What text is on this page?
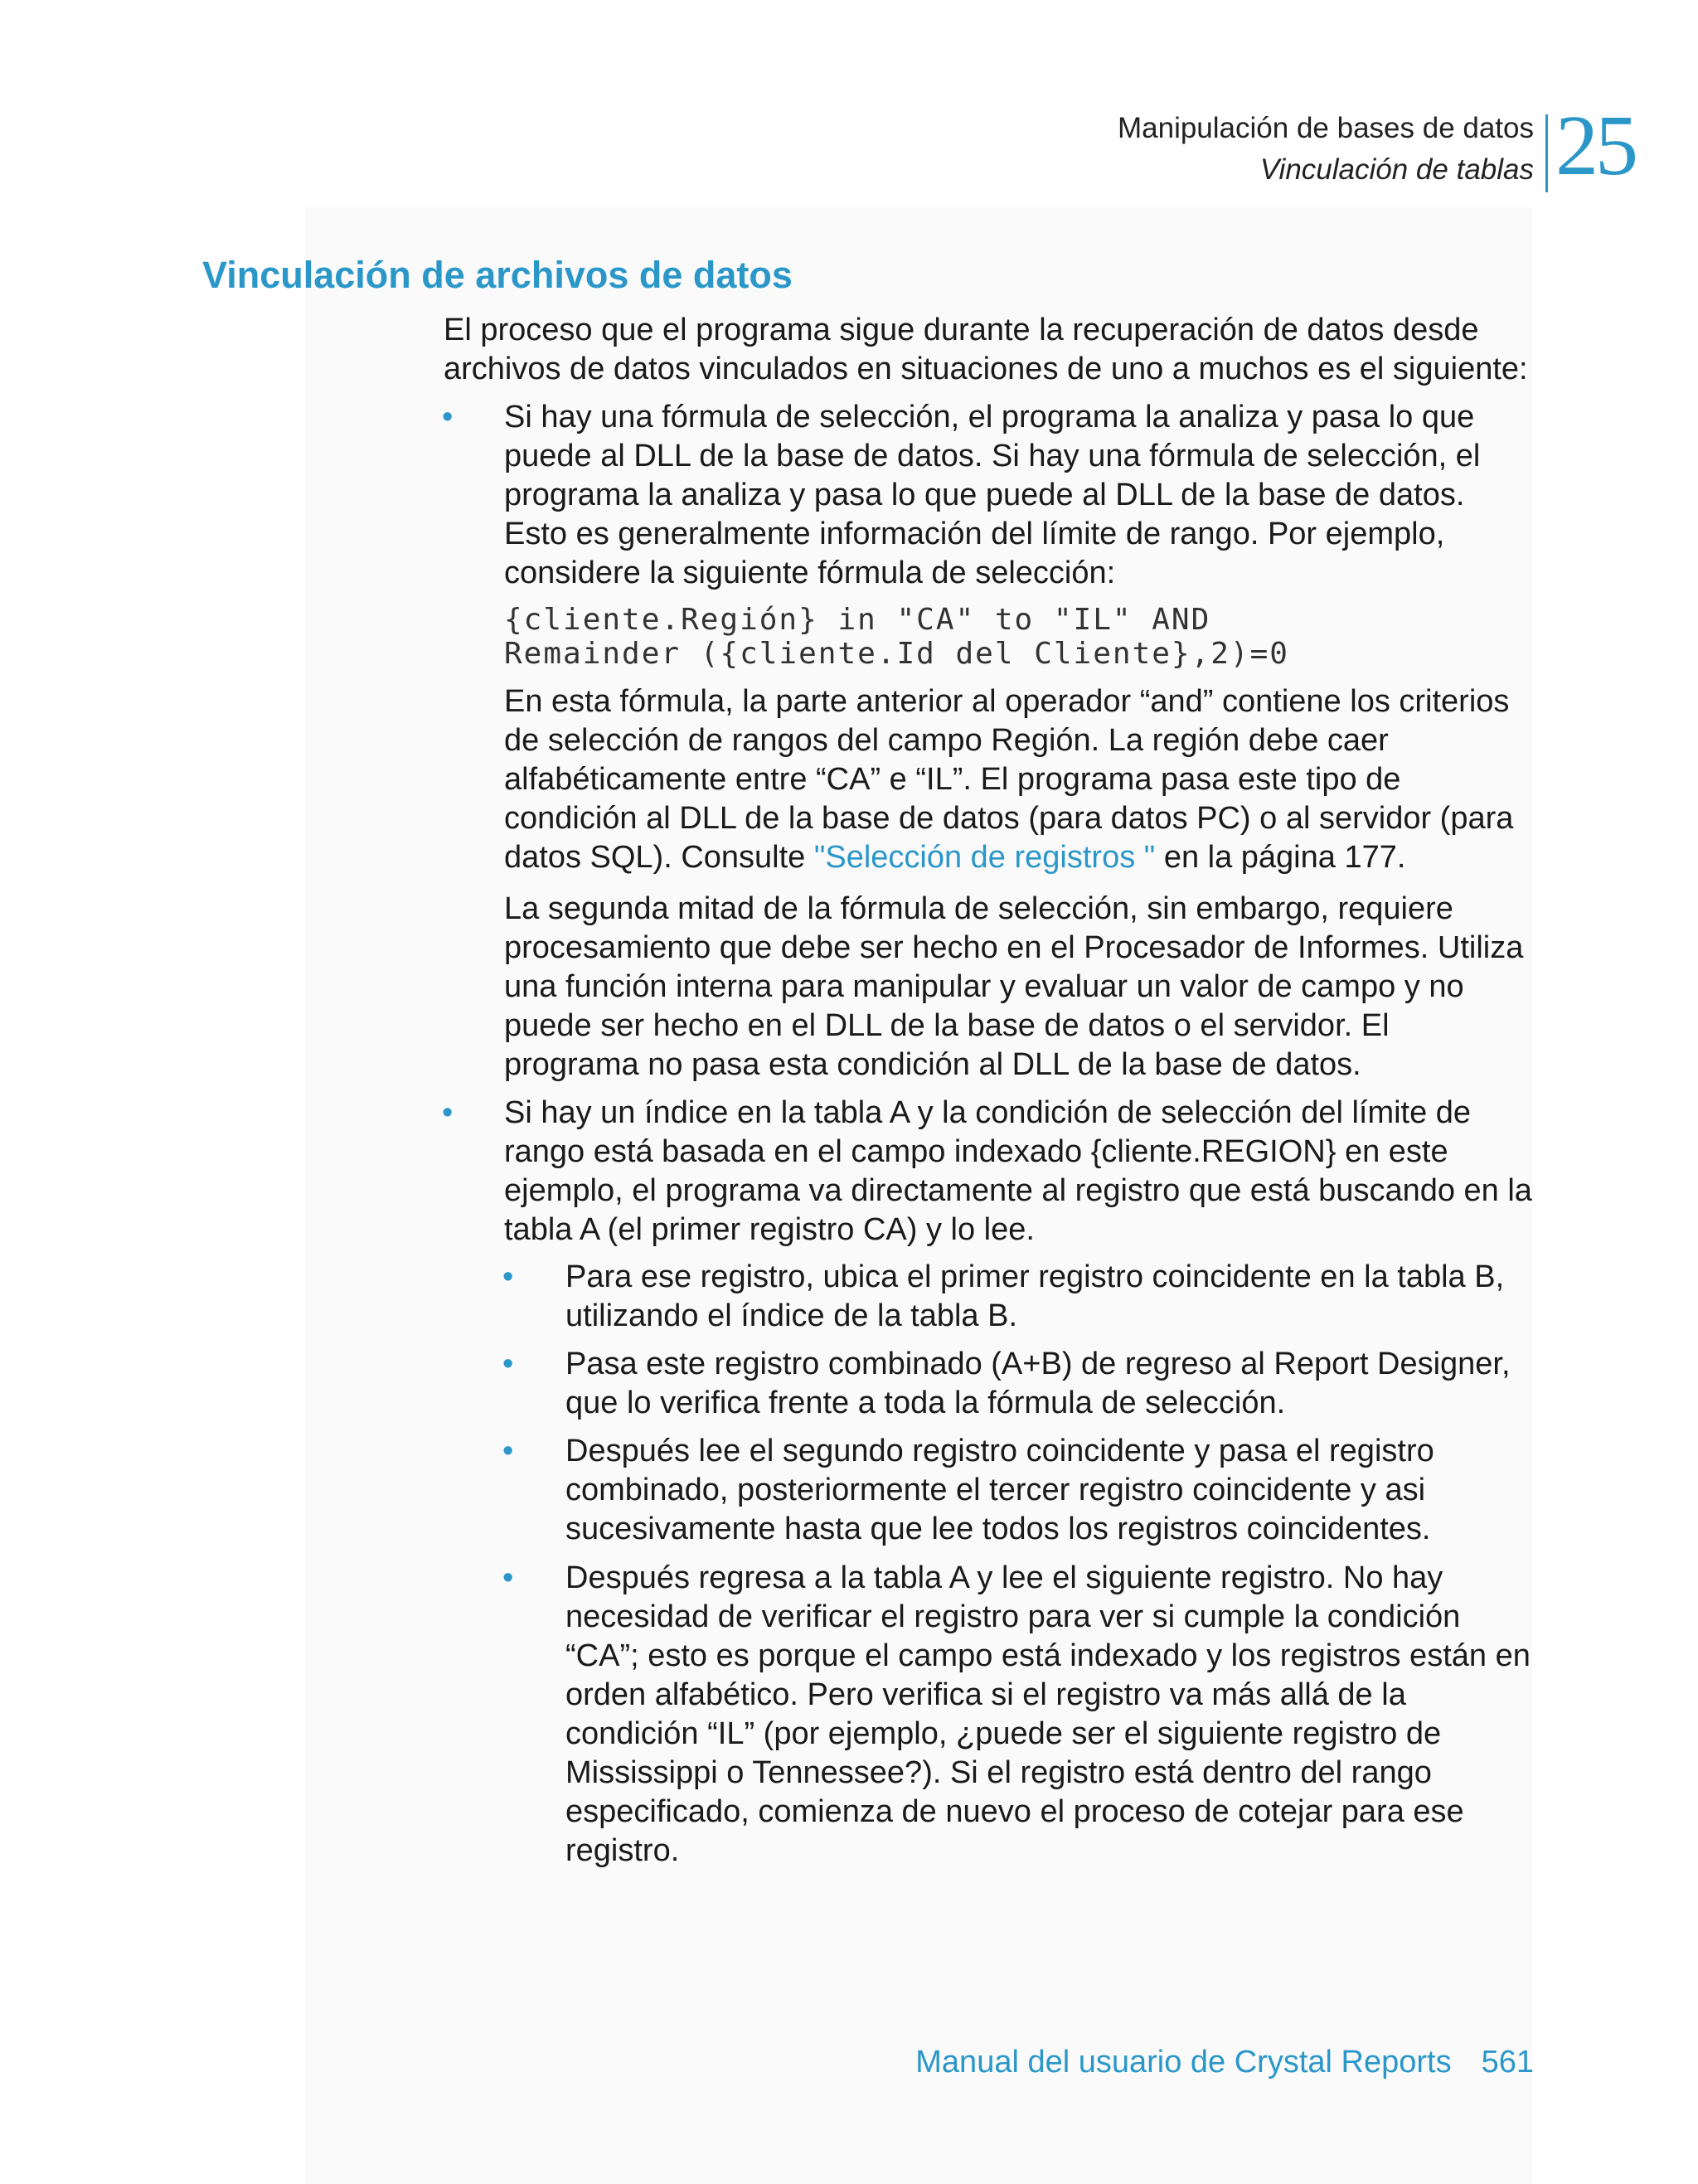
Manipulación de bases de datos
Vinculación de tablas 25
Vinculación de archivos de datos

El proceso que el programa sigue durante la recuperación de datos desde archivos de datos vinculados en situaciones de uno a muchos es el siguiente:

• Si hay una fórmula de selección, el programa la analiza y pasa lo que puede al DLL de la base de datos. Si hay una fórmula de selección, el programa la analiza y pasa lo que puede al DLL de la base de datos. Esto es generalmente información del límite de rango. Por ejemplo, considere la siguiente fórmula de selección:

{cliente.Región} in "CA" to "IL" AND
Remainder ({cliente.Id del Cliente},2)=0

En esta fórmula, la parte anterior al operador “and” contiene los criterios de selección de rangos del campo Región. La región debe caer alfabéticamente entre “CA” e “IL”. El programa pasa este tipo de condición al DLL de la base de datos (para datos PC) o al servidor (para datos SQL). Consulte "Selección de registros " en la página 177.

La segunda mitad de la fórmula de selección, sin embargo, requiere procesamiento que debe ser hecho en el Procesador de Informes. Utiliza una función interna para manipular y evaluar un valor de campo y no puede ser hecho en el DLL de la base de datos o el servidor. El programa no pasa esta condición al DLL de la base de datos.

• Si hay un índice en la tabla A y la condición de selección del límite de rango está basada en el campo indexado {cliente.REGION} en este ejemplo, el programa va directamente al registro que está buscando en la tabla A (el primer registro CA) y lo lee.

• Para ese registro, ubica el primer registro coincidente en la tabla B, utilizando el índice de la tabla B.

• Pasa este registro combinado (A+B) de regreso al Report Designer, que lo verifica frente a toda la fórmula de selección.

• Después lee el segundo registro coincidente y pasa el registro combinado, posteriormente el tercer registro coincidente y asi sucesivamente hasta que lee todos los registros coincidentes.

• Después regresa a la tabla A y lee el siguiente registro. No hay necesidad de verificar el registro para ver si cumple la condición “CA”; esto es porque el campo está indexado y los registros están en orden alfabético. Pero verifica si el registro va más allá de la condición “IL” (por ejemplo, ¿puede ser el siguiente registro de Mississippi o Tennessee?). Si el registro está dentro del rango especificado, comienza de nuevo el proceso de cotejar para ese registro.

Manual del usuario de Crystal Reports 561
